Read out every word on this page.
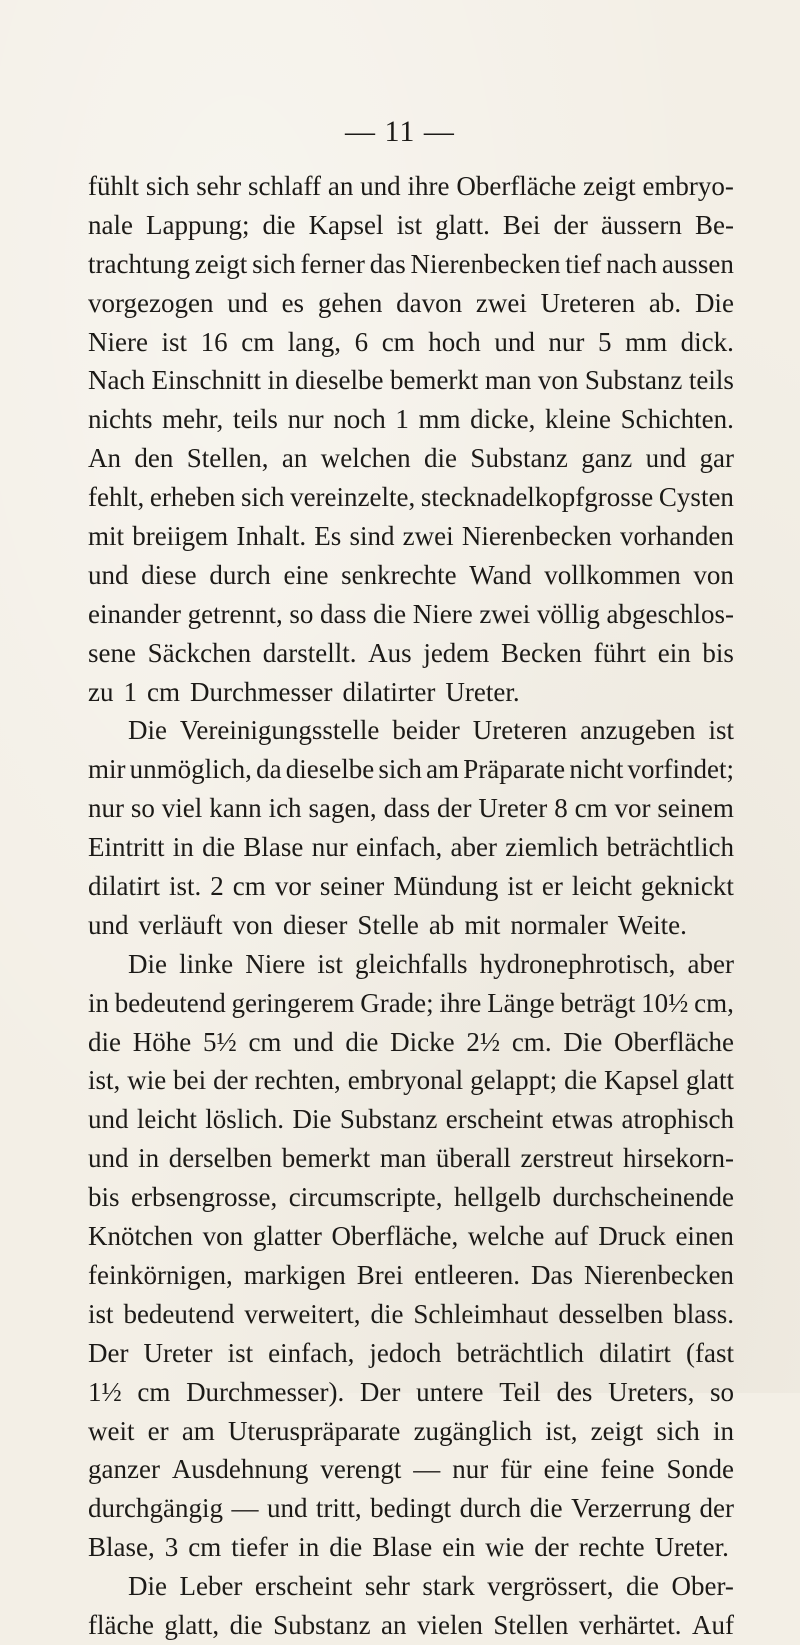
— 11 —
fühlt sich sehr schlaff an und ihre Oberfläche zeigt embryo-
nale Lappung; die Kapsel ist glatt. Bei der äussern Be-
trachtung zeigt sich ferner das Nierenbecken tief nach aussen
vorgezogen und es gehen davon zwei Ureteren ab. Die
Niere ist 16 cm lang, 6 cm hoch und nur 5 mm dick.
Nach Einschnitt in dieselbe bemerkt man von Substanz teils
nichts mehr, teils nur noch 1 mm dicke, kleine Schichten.
An den Stellen, an welchen die Substanz ganz und gar
fehlt, erheben sich vereinzelte, stecknadelkopfgrosse Cysten
mit breiigem Inhalt. Es sind zwei Nierenbecken vorhanden
und diese durch eine senkrechte Wand vollkommen von
einander getrennt, so dass die Niere zwei völlig abgeschlos-
sene Säckchen darstellt. Aus jedem Becken führt ein bis
zu 1 cm Durchmesser dilatirter Ureter.
Die Vereinigungsstelle beider Ureteren anzugeben ist
mir unmöglich, da dieselbe sich am Präparate nicht vorfindet;
nur so viel kann ich sagen, dass der Ureter 8 cm vor seinem
Eintritt in die Blase nur einfach, aber ziemlich beträchtlich
dilatirt ist. 2 cm vor seiner Mündung ist er leicht geknickt
und verläuft von dieser Stelle ab mit normaler Weite.
Die linke Niere ist gleichfalls hydronephrotisch, aber
in bedeutend geringerem Grade; ihre Länge beträgt 10½ cm,
die Höhe 5½ cm und die Dicke 2½ cm. Die Oberfläche
ist, wie bei der rechten, embryonal gelappt; die Kapsel glatt
und leicht löslich. Die Substanz erscheint etwas atrophisch
und in derselben bemerkt man überall zerstreut hirsekorn-
bis erbsengrosse, circumscripte, hellgelb durchscheinende
Knötchen von glatter Oberfläche, welche auf Druck einen
feinkörnigen, markigen Brei entleeren. Das Nierenbecken
ist bedeutend verweitert, die Schleimhaut desselben blass.
Der Ureter ist einfach, jedoch beträchtlich dilatirt (fast
1½ cm Durchmesser). Der untere Teil des Ureters, so
weit er am Uteruspräparate zugänglich ist, zeigt sich in
ganzer Ausdehnung verengt — nur für eine feine Sonde
durchgängig — und tritt, bedingt durch die Verzerrung der
Blase, 3 cm tiefer in die Blase ein wie der rechte Ureter.
Die Leber erscheint sehr stark vergrössert, die Ober-
fläche glatt, die Substanz an vielen Stellen verhärtet. Auf
